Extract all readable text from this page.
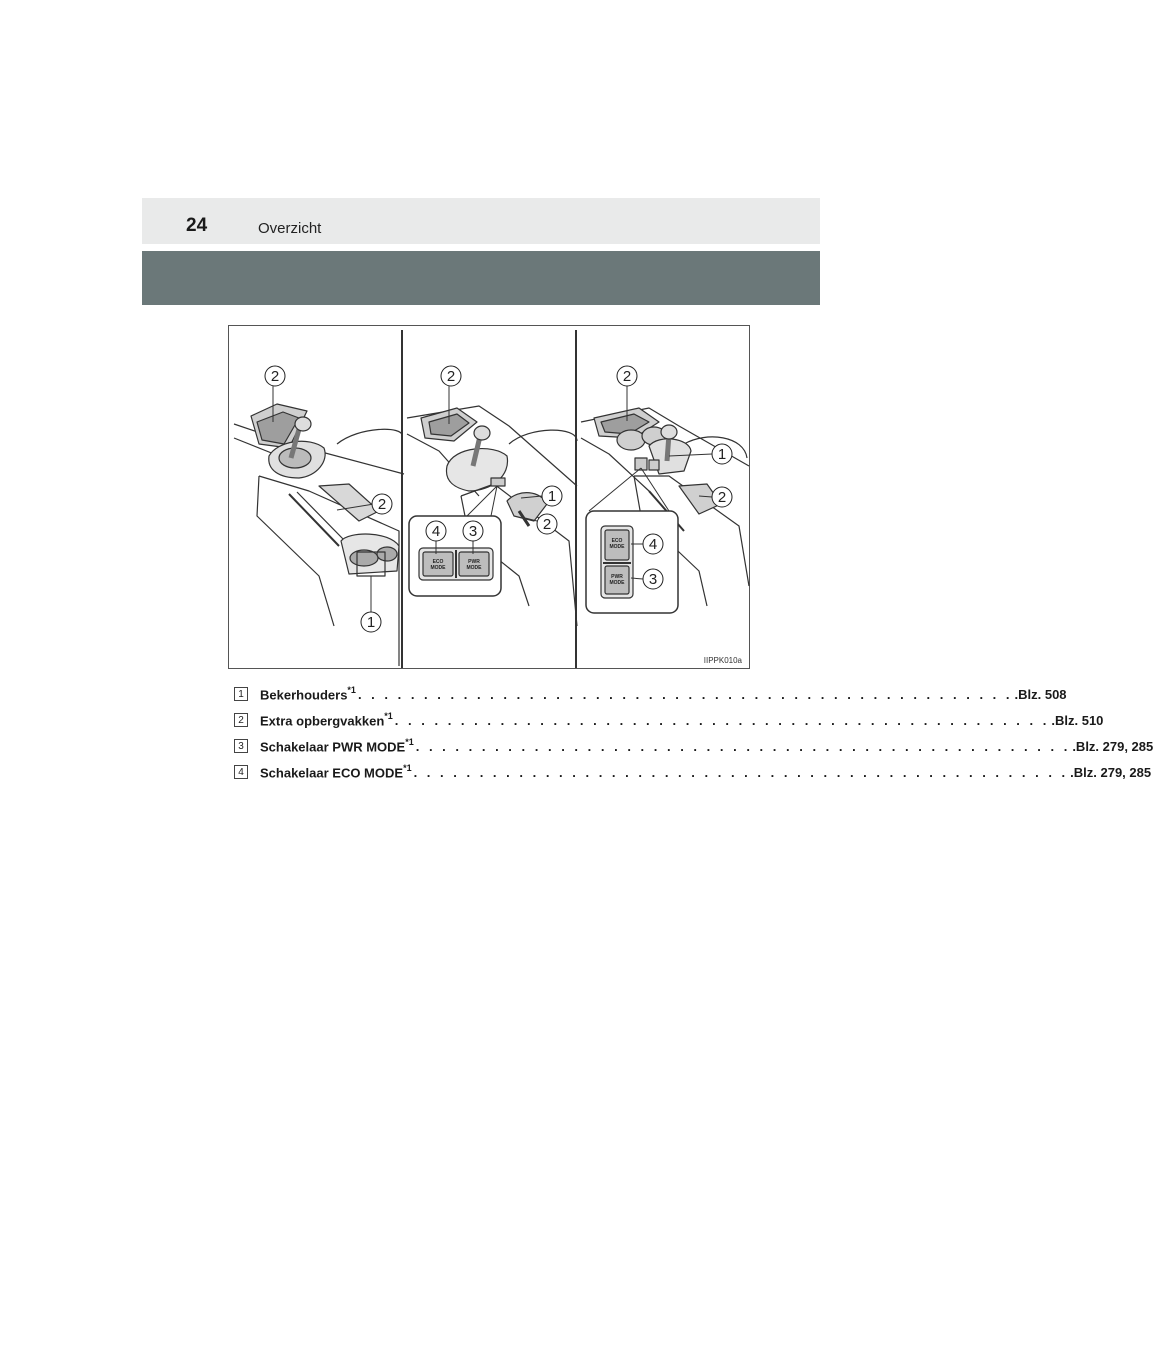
24	Overzicht
2
2
1
2
1
2
4 3
2
1
2
4
3
ECO
MODE
PWR
MODE
ECO
MODE
PWR
MODE
IIPPK010a
1	Bekerhouders$^{*1}$ . . . . . . . . . . . . . . . . . . . . . . . . . . . . . . . . . . . . . . . . . . . . . . . . . . .Blz. 508
2	Extra opbergvakken$^{*1}$ . . . . . . . . . . . . . . . . . . . . . . . . . . . . . . . . . . . . . . . . . . . . . . . . . . .Blz. 510
3	Schakelaar PWR MODE$^{*1}$ . . . . . . . . . . . . . . . . . . . . . . . . . . . . . . . . . . . . . . . . . . . . . . . . . . .Blz. 279, 285
4	Schakelaar ECO MODE$^{*1}$ . . . . . . . . . . . . . . . . . . . . . . . . . . . . . . . . . . . . . . . . . . . . . . . . . . .Blz. 279, 285
